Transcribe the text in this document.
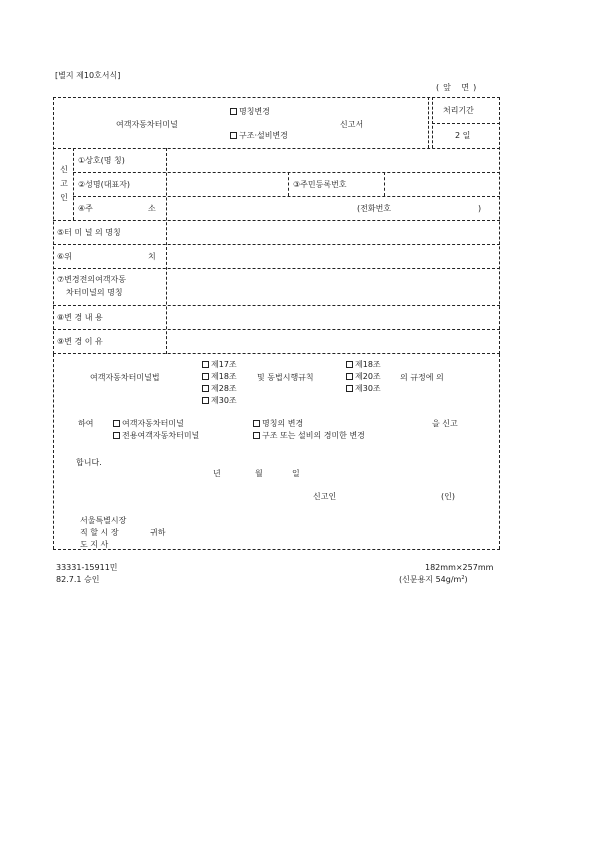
[별지 제10호서식]
(앞 면)
여객자동차터미널
명칭변경
구조·설비변경
신고서
처리기간
2 일
신 고 인
①상호(명 칭)
②성명(대표자)	③주민등록번호
④주	소	(전화번호	)
⑤터 미 널 의 명칭
⑥위	치
⑦변경전의여객자동
차터미널의 명칭
⑧변 경 내 용
⑨변 경 이 유
제17조
제18조
제28조
제30조
여객자동차터미널법	및 동법시행규칙
제18조
제20조
제30조
의 규정에 의
하여	여객자동차터미널	명칭의 변경	을 신고
전용여객자동차터미널	구조 또는 설비의 경미한 변경
합니다.
년	월	일
신고인	(인)
서울특별시장
직 할 시 장
도 지 사
귀하
33331-15911민
82.7.1 승인
182mm×257mm
(신문용지 $54g/m^2$)
